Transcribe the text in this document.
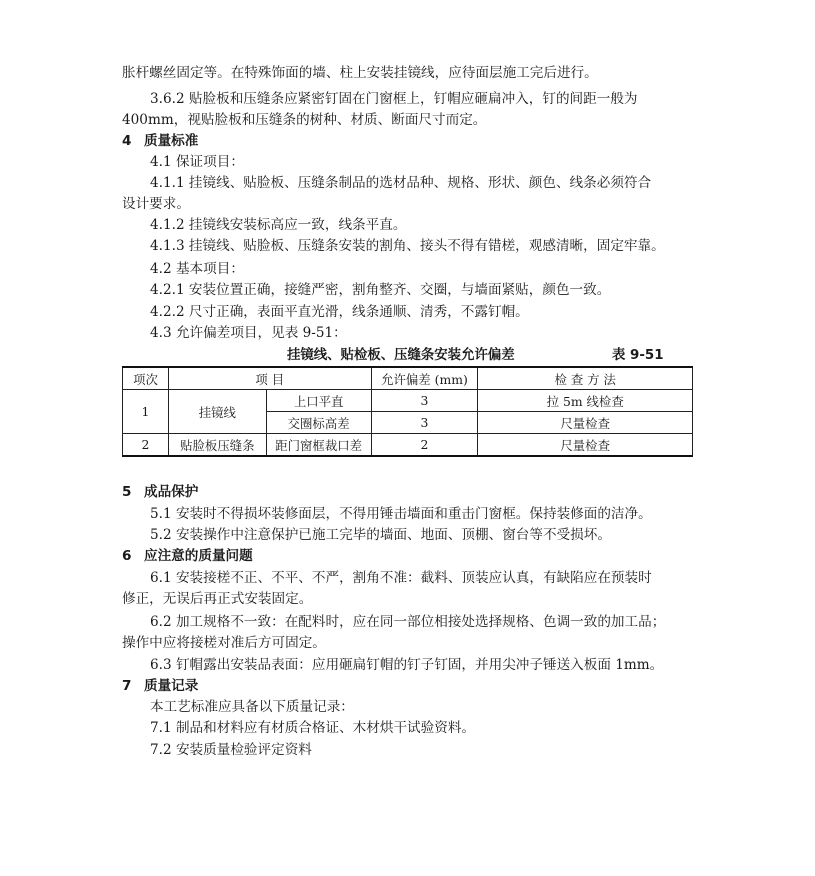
胀杆螺丝固定等。在特殊饰面的墙、柱上安装挂镜线，应待面层施工完后进行。
3.6.2 贴脸板和压缝条应紧密钉固在门窗框上，钉帽应砸扁冲入，钉的间距一般为
400mm，视贴脸板和压缝条的树种、材质、断面尺寸而定。
4 质量标准
4.1 保证项目：
4.1.1 挂镜线、贴脸板、压缝条制品的选材品种、规格、形状、颜色、线条必须符合
设计要求。
4.1.2 挂镜线安装标高应一致，线条平直。
4.1.3 挂镜线、贴脸板、压缝条安装的割角、接头不得有错槎，观感清晰，固定牢靠。
4.2 基本项目：
4.2.1 安装位置正确，接缝严密，割角整齐、交圈，与墙面紧贴，颜色一致。
4.2.2 尺寸正确，表面平直光滑，线条通顺、清秀，不露钉帽。
4.3 允许偏差项目，见表 9-51：
挂镜线、贴检板、压缝条安装允许偏差	表 9-51
项次	项 目		允许偏差 (mm)	检 查 方 法
1	挂镜线	上口平直	3	拉 5m 线检查
		交圈标高差	3	尺量检查
2	贴脸板压缝条	距门窗框裁口差	2	尺量检查
5 成品保护
5.1 安装时不得损坏装修面层，不得用锤击墙面和重击门窗框。保持装修面的洁净。
5.2 安装操作中注意保护已施工完毕的墙面、地面、顶棚、窗台等不受损坏。
6 应注意的质量问题
6.1 安装接槎不正、不平、不严，割角不准：截料、顶装应认真，有缺陷应在预装时
修正，无误后再正式安装固定。
6.2 加工规格不一致：在配料时，应在同一部位相接处选择规格、色调一致的加工品；
操作中应将接槎对准后方可固定。
6.3 钉帽露出安装品表面：应用砸扁钉帽的钉子钉固，并用尖冲子锤送入板面 1mm。
7 质量记录
本工艺标准应具备以下质量记录：
7.1 制品和材料应有材质合格证、木材烘干试验资料。
7.2 安装质量检验评定资料
